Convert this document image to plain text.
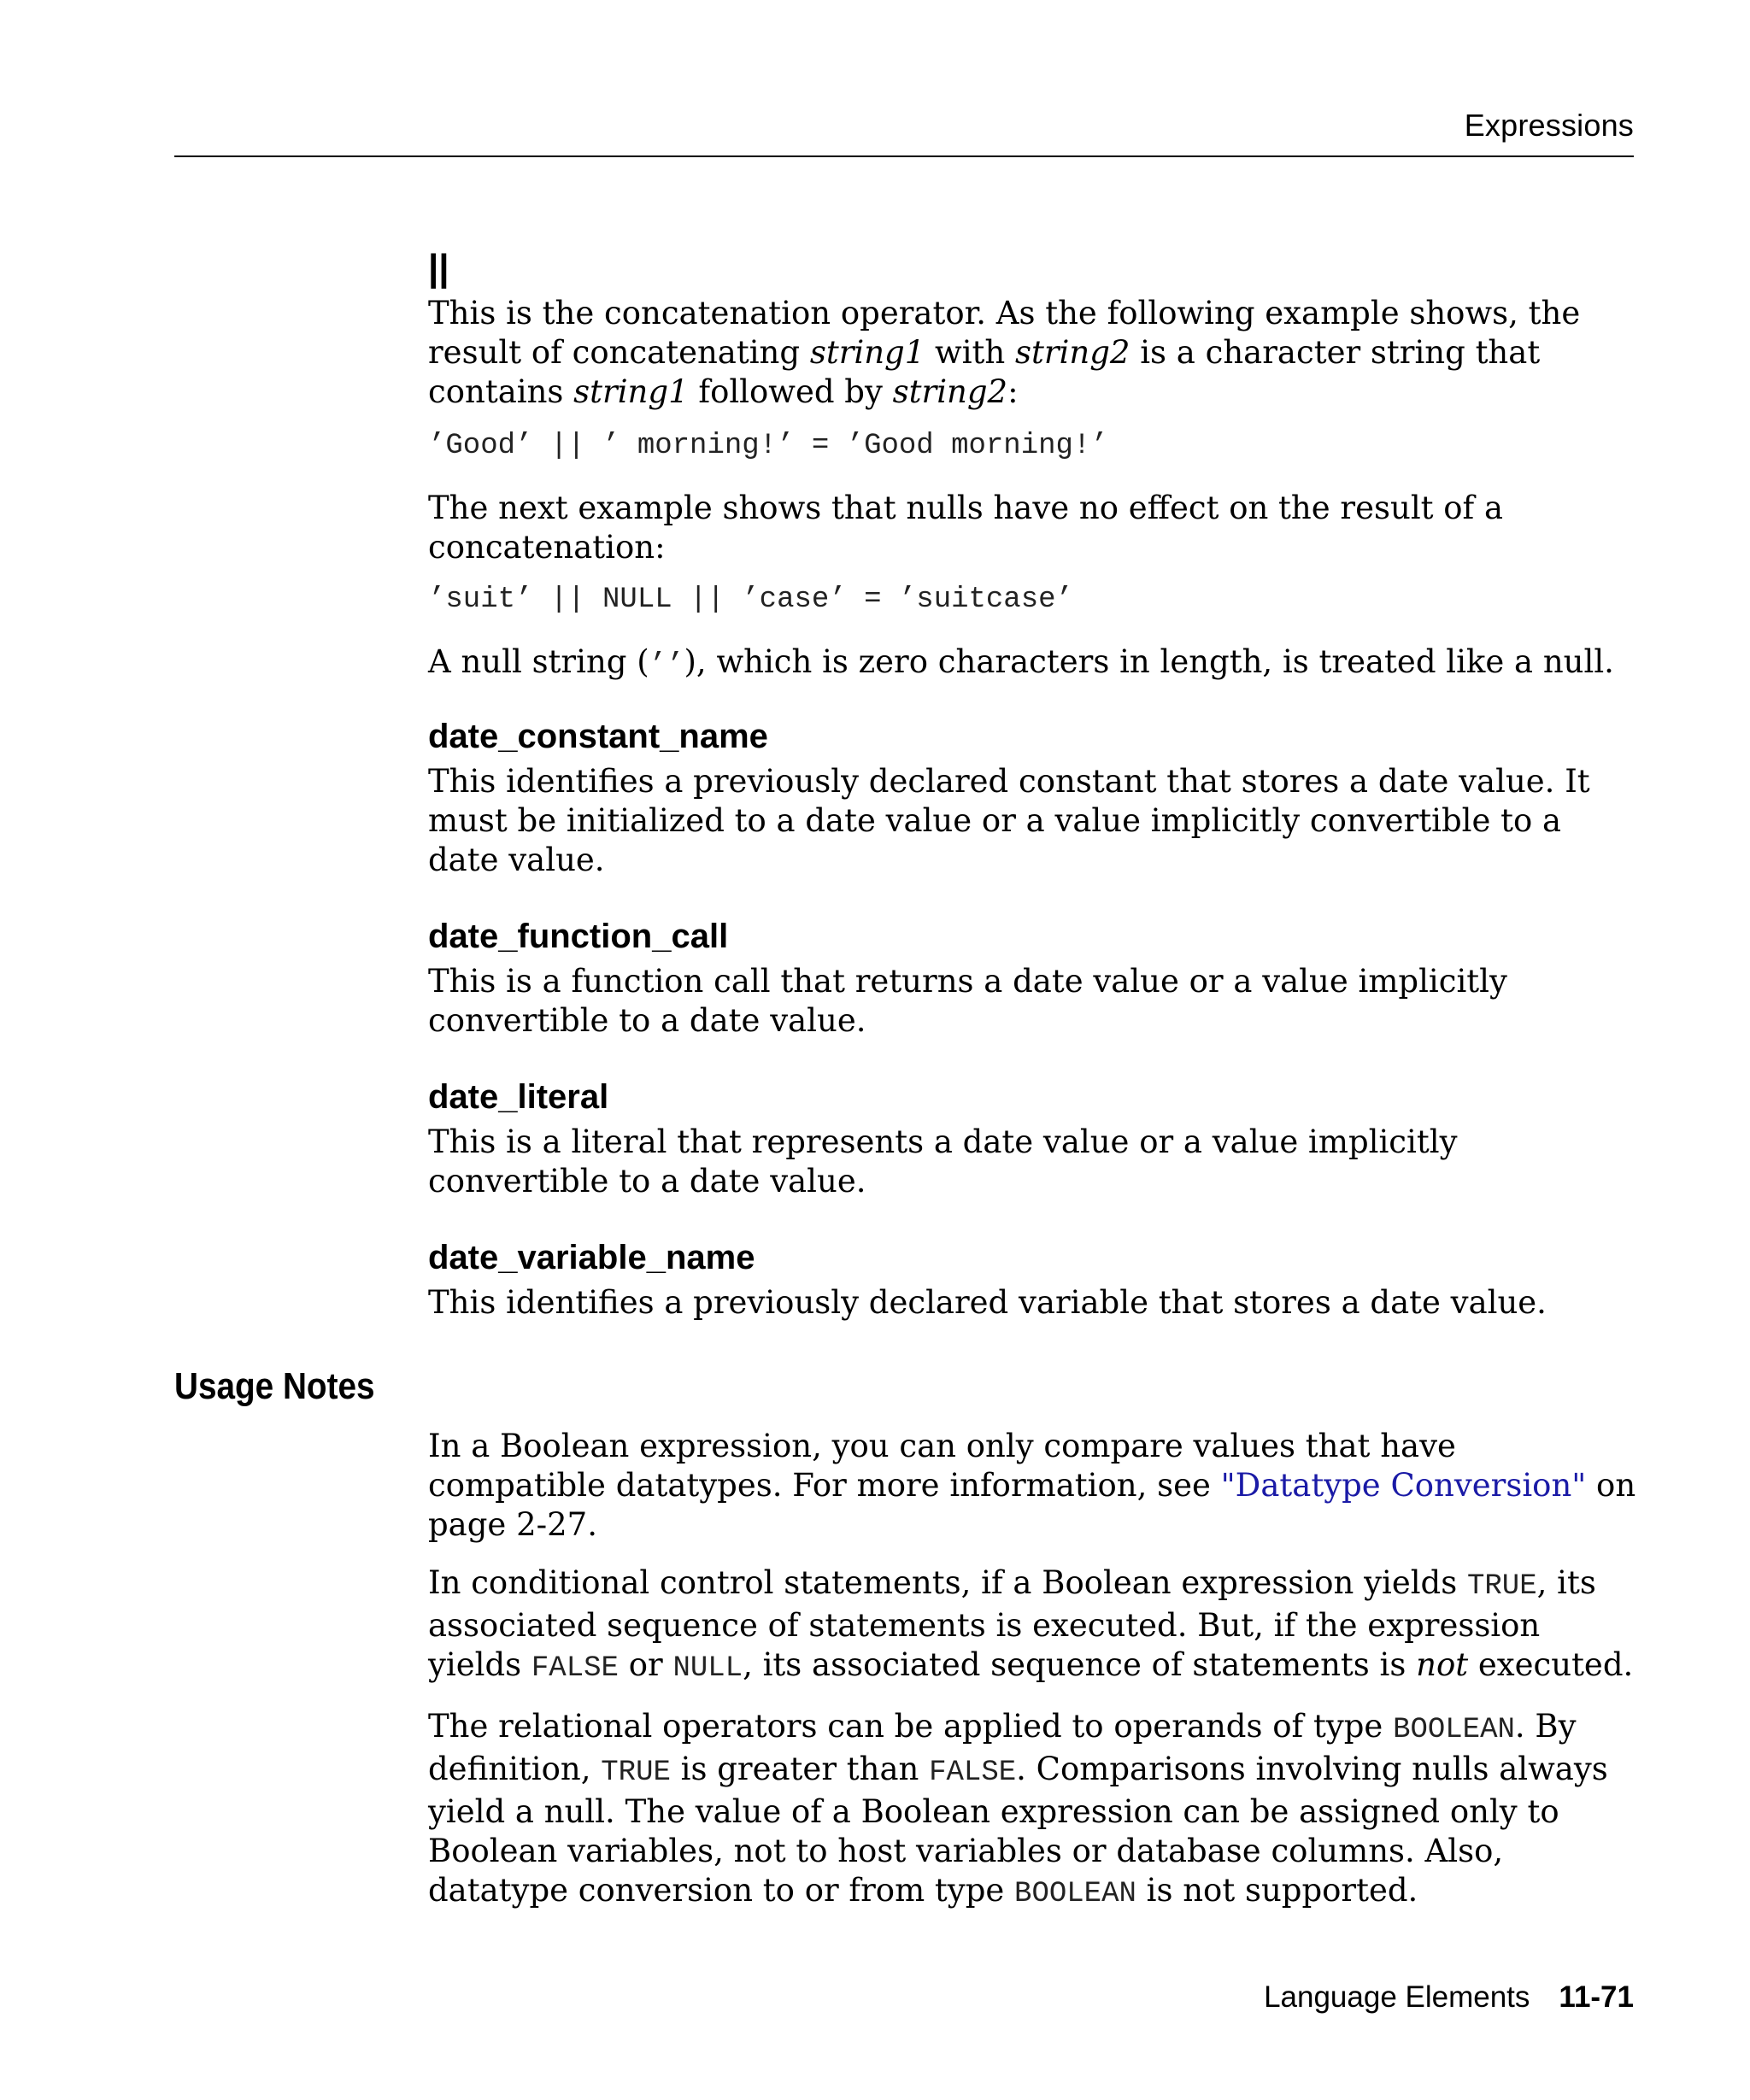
Expressions
||

This is the concatenation operator. As the following example shows, the result of concatenating string1 with string2 is a character string that contains string1 followed by string2:

’Good’ || ’ morning!’ = ’Good morning!’

The next example shows that nulls have no effect on the result of a concatenation:

’suit’ || NULL || ’case’ = ’suitcase’

A null string (’’), which is zero characters in length, is treated like a null.

date_constant_name

This identifies a previously declared constant that stores a date value. It must be initialized to a date value or a value implicitly convertible to a date value.

date_function_call

This is a function call that returns a date value or a value implicitly convertible to a date value.

date_literal

This is a literal that represents a date value or a value implicitly convertible to a date value.

date_variable_name

This identifies a previously declared variable that stores a date value.

In a Boolean expression, you can only compare values that have compatible datatypes. For more information, see "Datatype Conversion" on page 2-27.

In conditional control statements, if a Boolean expression yields TRUE, its associated sequence of statements is executed. But, if the expression yields FALSE or NULL, its associated sequence of statements is not executed.

The relational operators can be applied to operands of type BOOLEAN. By definition, TRUE is greater than FALSE. Comparisons involving nulls always yield a null. The value of a Boolean expression can be assigned only to Boolean variables, not to host variables or database columns. Also, datatype conversion to or from type BOOLEAN is not supported.

Usage Notes
Language Elements 11-71
